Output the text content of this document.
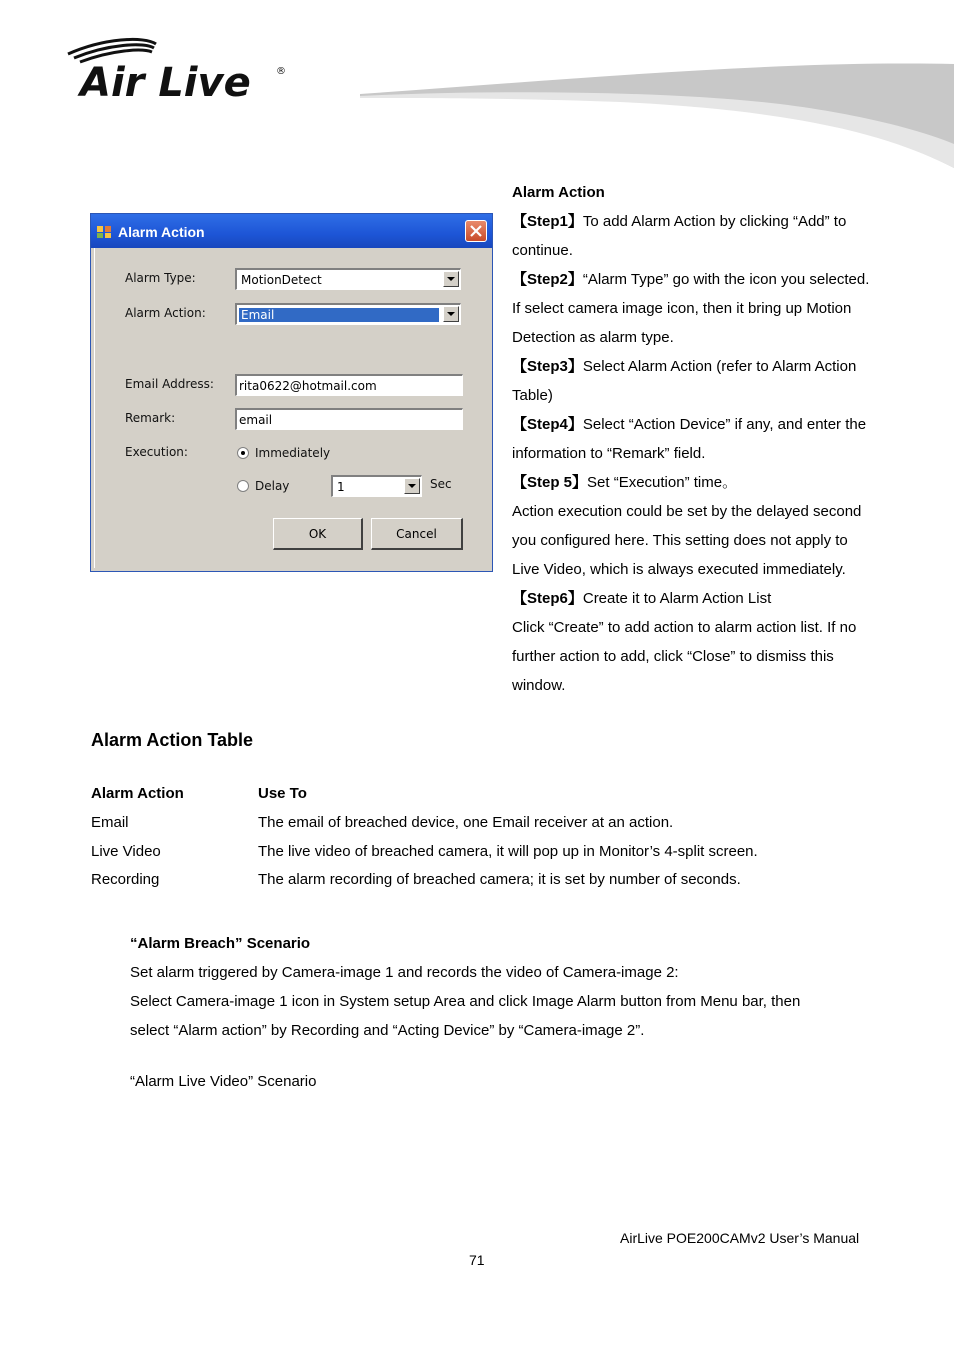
Air Live	®

Alarm Action

【Step1】To add Alarm Action by clicking “Add” to

continue.

【Step2】“Alarm Type” go with the icon you selected.

If select camera image icon, then it bring up Motion

Detection as alarm type.

【Step3】Select Alarm Action (refer to Alarm Action

Table)

【Step4】Select “Action Device” if any, and enter the

information to “Remark” field.

【Step 5】Set “Execution” time。

Action execution could be set by the delayed second

you configured here. This setting does not apply to

Live Video, which is always executed immediately.

【Step6】Create it to Alarm Action List

Click “Create” to add action to alarm action list. If no

further action to add, click “Close” to dismiss this

window.

Alarm Action
Alarm Type:	MotionDetect
Alarm Action:	Email
Email Address:	rita0622@hotmail.com
Remark:	email
Execution:	Immediately
Delay	1	Sec
OK	Cancel
Alarm Action Table
Alarm Action	Use To
Email	The email of breached device, one Email receiver at an action.
Live Video	The live video of breached camera, it will pop up in Monitor’s 4-split screen.
Recording	The alarm recording of breached camera; it is set by number of seconds.

“Alarm Breach” Scenario

Set alarm triggered by Camera-image 1 and records the video of Camera-image 2:

Select Camera-image 1 icon in System setup Area and click Image Alarm button from Menu bar, then

select “Alarm action” by Recording and “Acting Device” by “Camera-image 2”.

“Alarm Live Video” Scenario
AirLive POE200CAMv2 User’s Manual
71
